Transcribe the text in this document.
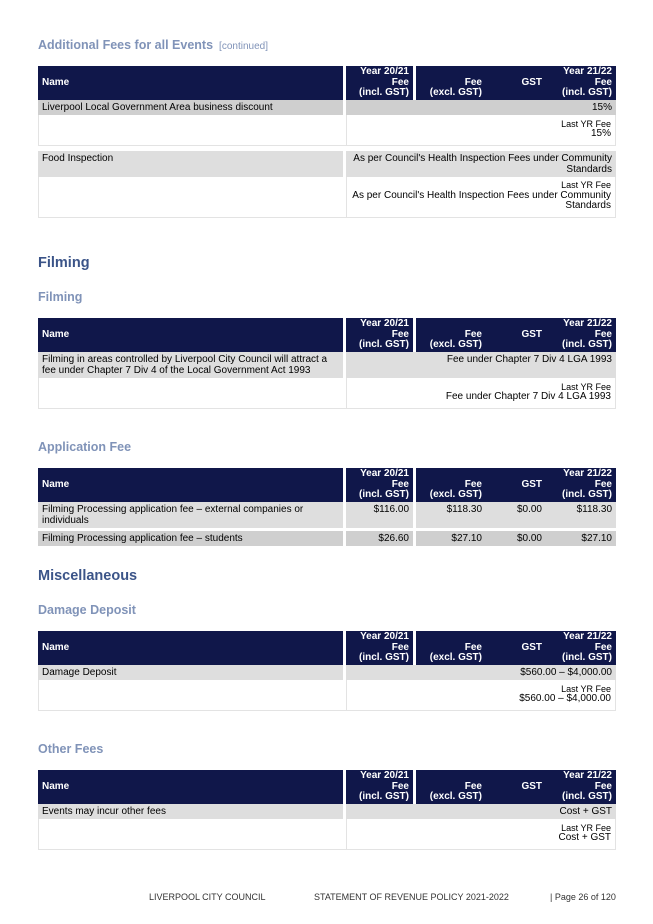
Additional Fees for all Events [continued]
Name	Year 20/21			Year 21/22
	Fee	Fee	GST	Fee
	(incl. GST)	(excl. GST)		(incl. GST)
Liverpool Local Government Area business discount	15%			

	Last YR Fee
15%			

Food Inspection	As per Council's Health Inspection Fees under Community Standards			

	Last YR Fee
As per Council's Health Inspection Fees under Community Standards			
Filming
Filming
Name	Year 20/21			Year 21/22
	Fee	Fee	GST	Fee
	(incl. GST)	(excl. GST)		(incl. GST)
Filming in areas controlled by Liverpool City Council will attract a fee under Chapter 7 Div 4 of the Local Government Act 1993	Fee under Chapter 7 Div 4 LGA 1993			

	Last YR Fee
Fee under Chapter 7 Div 4 LGA 1993			
Application Fee
Name	Year 20/21			Year 21/22
	Fee	Fee	GST	Fee
	(incl. GST)	(excl. GST)		(incl. GST)
Filming Processing application fee – external companies or individuals	$116.00	$118.30	$0.00	$118.30

Filming Processing application fee – students	$26.60	$27.10	$0.00	$27.10
Miscellaneous
Damage Deposit
Name	Year 20/21			Year 21/22
	Fee	Fee	GST	Fee
	(incl. GST)	(excl. GST)		(incl. GST)
Damage Deposit	$560.00 – $4,000.00			

	Last YR Fee
$560.00 – $4,000.00			
Other Fees
Name	Year 20/21			Year 21/22
	Fee	Fee	GST	Fee
	(incl. GST)	(excl. GST)		(incl. GST)
Events may incur other fees	Cost + GST			

	Last YR Fee
Cost + GST			
LIVERPOOL CITY COUNCIL	STATEMENT OF REVENUE POLICY 2021-2022	| Page 26 of 120
